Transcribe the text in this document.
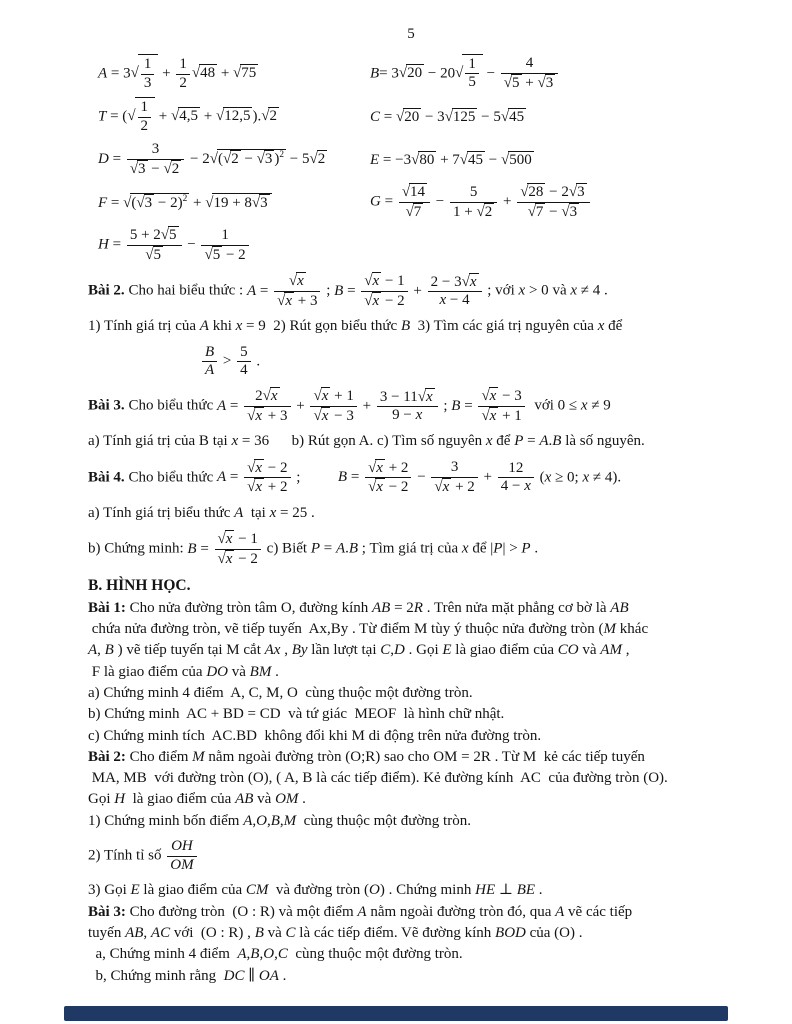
5
$A = 3√ \frac{1}{3} + \frac{1}{2} √48 + √75$	$B= 3√20 - 20√ \frac{1}{5} - \frac{4}{√5 + √3}$
T = (√ $\frac{1}{2} + √4,5 + √12,5$ ).√2	C = √20 − 3√125 − 5√45
$D = \frac{3}{√3 - √2} - 2√(√2 - √3$ )$^2$ − 5√2	E = −3√80 + 7√45 − √500
$F = √(√3 - 2)^2 + √19 + 8√3$	$G = \frac{√14}{√7} - \frac{5}{1 + √2} + \frac{√28 - 2√3}{√7 - √3}$
$H = \frac{5 + 2√5}{√5} - \frac{1}{√5 - 2}$
Bài 2. Cho hai biểu thức : $A = \frac{√x}{√x + 3}$ ; $B = \frac{√x - 1}{√x - 2} + \frac{2 - 3√x}{x - 4}$ ; với x > 0 và x ≠ 4 .
1) Tính giá trị của A khi x = 9  2) Rút gọn biểu thức B  3) Tìm các giá trị nguyên của x để
$\frac{B}{A} > \frac{5}{4}$ .
Bài 3. Cho biểu thức $A = \frac{2√x}{√x + 3} + \frac{√x + 1}{√x - 3} + \frac{3 - 11√x}{9 - x}$ ; $B = \frac{√x - 3}{√x + 1}$ với 0 ≤ x ≠ 9
a) Tính giá trị của B tại x = 36      b) Rút gọn A. c) Tìm số nguyên x để P = A.B là số nguyên.
Bài 4. Cho biểu thức $A = \frac{√x - 2}{√x + 2}$ ;          $B = \frac{√x + 2}{√x - 2} - \frac{3}{√x + 2} + \frac{12}{4 - x} (x \ge 0$; x ≠ 4).
a) Tính giá trị biểu thức A  tại x = 25 .
b) Chứng minh: $B = \frac{√x - 1}{√x - 2} c$) Biết P = A.B ; Tìm giá trị của x để |P| > P .
B. HÌNH HỌC.
Bài 1: Cho nửa đường tròn tâm O, đường kính AB = 2R . Trên nửa mặt phẳng cơ bờ là AB
chứa nửa đường tròn, vẽ tiếp tuyến  Ax,By . Từ điểm M tùy ý thuộc nửa đường tròn (M khác
A, B ) vẽ tiếp tuyến tại M cắt Ax , By lần lượt tại C,D . Gọi E là giao điểm của CO và AM ,
F là giao điểm của DO và BM .
a) Chứng minh 4 điểm  A, C, M, O  cùng thuộc một đường tròn.
b) Chứng minh  AC + BD = CD  và tứ giác  MEOF  là hình chữ nhật.
c) Chứng minh tích  AC.BD  không đổi khi M di động trên nửa đường tròn.
Bài 2: Cho điểm M nằm ngoài đường tròn (O;R) sao cho OM = 2R . Từ M  kẻ các tiếp tuyến
MA, MB  với đường tròn (O), ( A, B là các tiếp điểm). Kẻ đường kính  AC  của đường tròn (O).
Gọi H  là giao điểm của AB và OM .
1) Chứng minh bốn điểm A,O,B,M  cùng thuộc một đường tròn.
2) Tính tỉ số $\frac{OH}{OM}$
3) Gọi E là giao điểm của CM  và đường tròn (O) . Chứng minh HE ⊥ BE .
Bài 3: Cho đường tròn  (O : R) và một điểm A nằm ngoài đường tròn đó, qua A vẽ các tiếp
tuyến AB, AC với  (O : R) , B và C là các tiếp điểm. Vẽ đường kính BOD của (O) .
a, Chứng minh 4 điểm  A,B,O,C  cùng thuộc một đường tròn.
b, Chứng minh rằng  DC ∥ OA .
